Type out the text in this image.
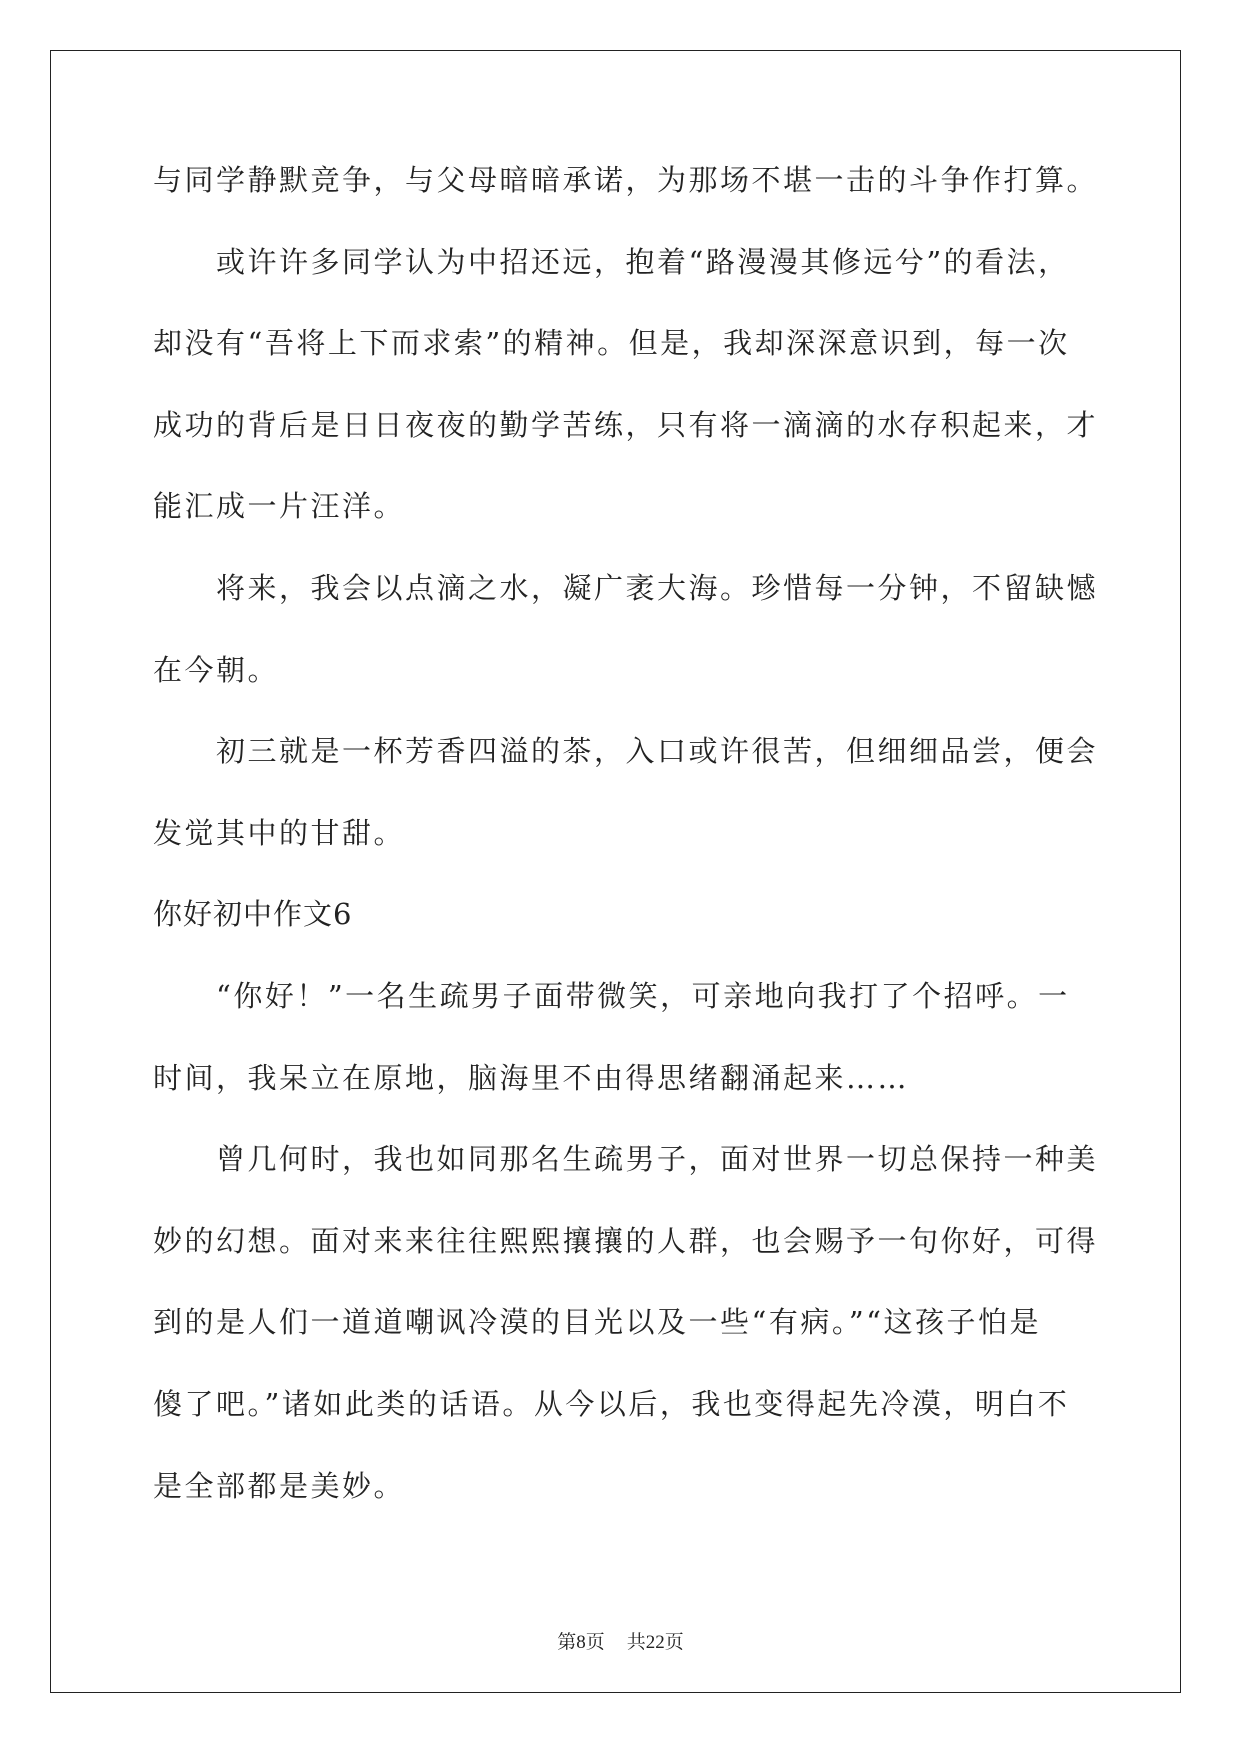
与同学静默竞争，与父母暗暗承诺，为那场不堪一击的斗争作打算。
或许许多同学认为中招还远，抱着“路漫漫其修远兮”的看法，
却没有“吾将上下而求索”的精神。但是，我却深深意识到，每一次
成功的背后是日日夜夜的勤学苦练，只有将一滴滴的水存积起来，才
能汇成一片汪洋。
将来，我会以点滴之水，凝广袤大海。珍惜每一分钟，不留缺憾
在今朝。
初三就是一杯芳香四溢的茶，入口或许很苦，但细细品尝，便会
发觉其中的甘甜。
你好初中作文6
“你好！”一名生疏男子面带微笑，可亲地向我打了个招呼。一
时间，我呆立在原地，脑海里不由得思绪翻涌起来……
曾几何时，我也如同那名生疏男子，面对世界一切总保持一种美
妙的幻想。面对来来往往熙熙攘攘的人群，也会赐予一句你好，可得
到的是人们一道道嘲讽冷漠的目光以及一些“有病。”“这孩子怕是
傻了吧。”诸如此类的话语。从今以后，我也变得起先冷漠，明白不
是全部都是美妙。
第8页 共22页
